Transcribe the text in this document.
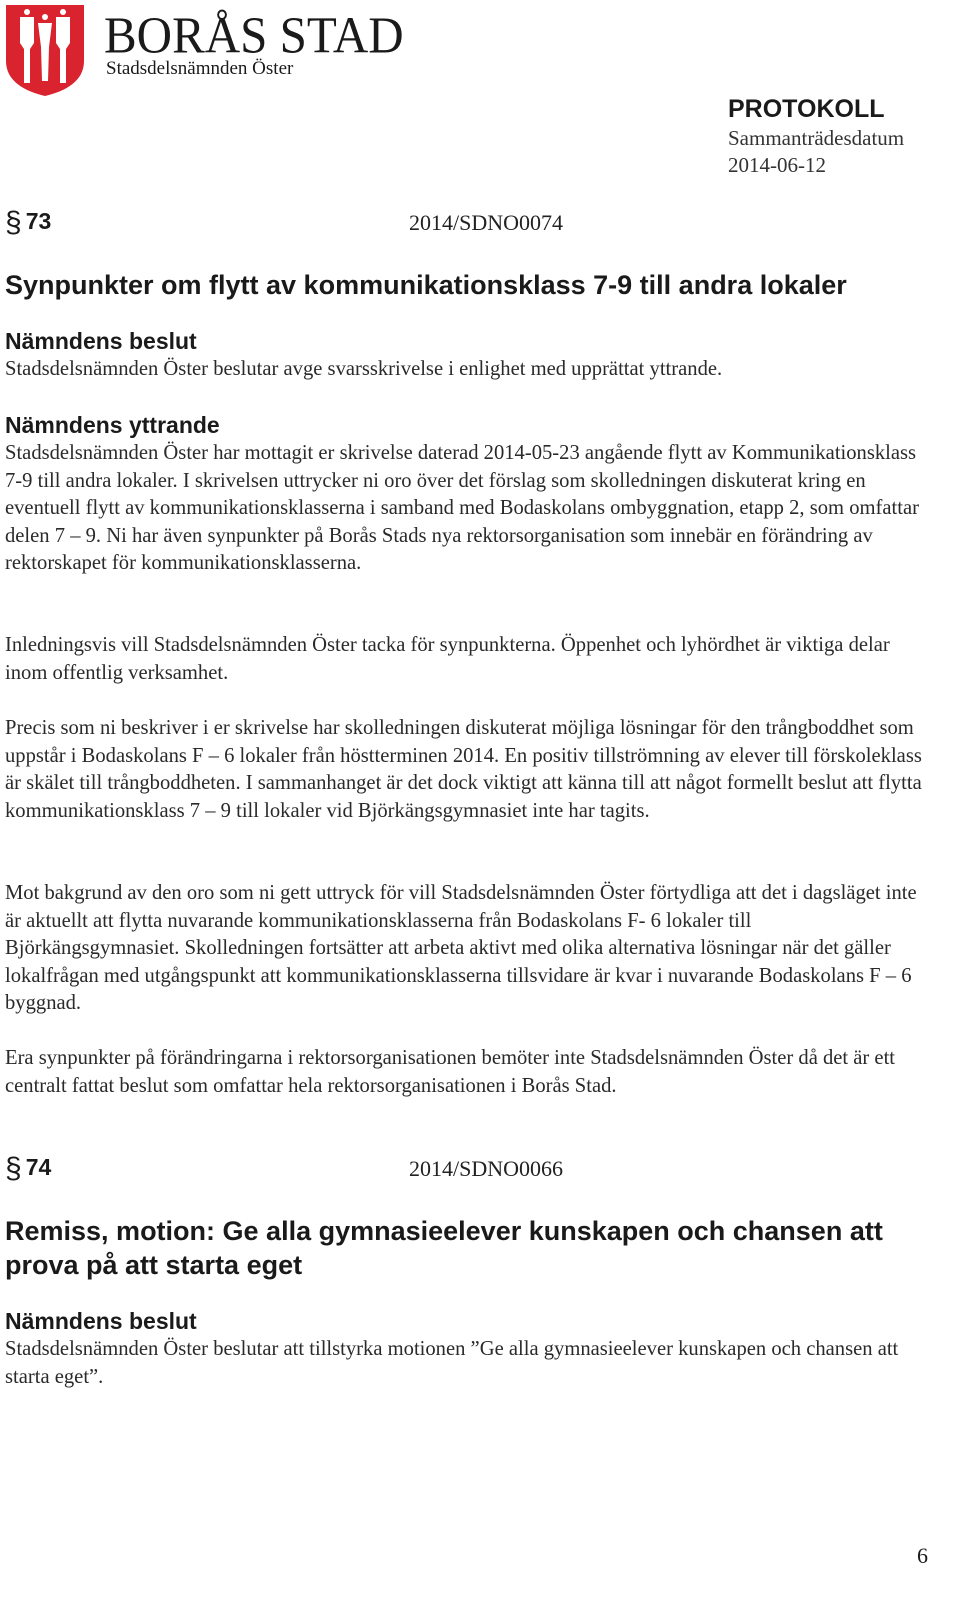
BORÅS STAD
Stadsdelsnämnden Öster
PROTOKOLL
Sammanträdesdatum
2014-06-12
§ 73	2014/SDNO0074
Synpunkter om flytt av kommunikationsklass 7-9 till andra lokaler
Nämndens beslut
Stadsdelsnämnden Öster beslutar avge svarsskrivelse i enlighet med upprättat yttrande.
Nämndens yttrande
Stadsdelsnämnden Öster har mottagit er skrivelse daterad 2014-05-23 angående flytt av Kommunikationsklass 7-9 till andra lokaler. I skrivelsen uttrycker ni oro över det förslag som skolledningen diskuterat kring en eventuell flytt av kommunikationsklasserna i samband med Bodaskolans ombyggnation, etapp 2, som omfattar delen 7 – 9. Ni har även synpunkter på Borås Stads nya rektorsorganisation som innebär en förändring av rektorskapet för kommunikationsklasserna.
Inledningsvis vill Stadsdelsnämnden Öster tacka för synpunkterna. Öppenhet och lyhördhet är viktiga delar inom offentlig verksamhet.
Precis som ni beskriver i er skrivelse har skolledningen diskuterat möjliga lösningar för den trångboddhet som uppstår i Bodaskolans F – 6 lokaler från höstterminen 2014. En positiv tillströmning av elever till förskoleklass är skälet till trångboddheten. I sammanhanget är det dock viktigt att känna till att något formellt beslut att flytta kommunikationsklass 7 – 9 till lokaler vid Björkängsgymnasiet inte har tagits.
Mot bakgrund av den oro som ni gett uttryck för vill Stadsdelsnämnden Öster förtydliga att det i dagsläget inte är aktuellt att flytta nuvarande kommunikationsklasserna från Bodaskolans F- 6 lokaler till Björkängsgymnasiet. Skolledningen fortsätter att arbeta aktivt med olika alternativa lösningar när det gäller lokalfrågan med utgångspunkt att kommunikationsklasserna tillsvidare är kvar i nuvarande Bodaskolans F – 6 byggnad.
Era synpunkter på förändringarna i rektorsorganisationen bemöter inte Stadsdelsnämnden Öster då det är ett centralt fattat beslut som omfattar hela rektorsorganisationen i Borås Stad.
§ 74	2014/SDNO0066
Remiss, motion: Ge alla gymnasieelever kunskapen och chansen att prova på att starta eget
Nämndens beslut
Stadsdelsnämnden Öster beslutar att tillstyrka motionen ”Ge alla gymnasieelever kunskapen och chansen att starta eget”.
6
